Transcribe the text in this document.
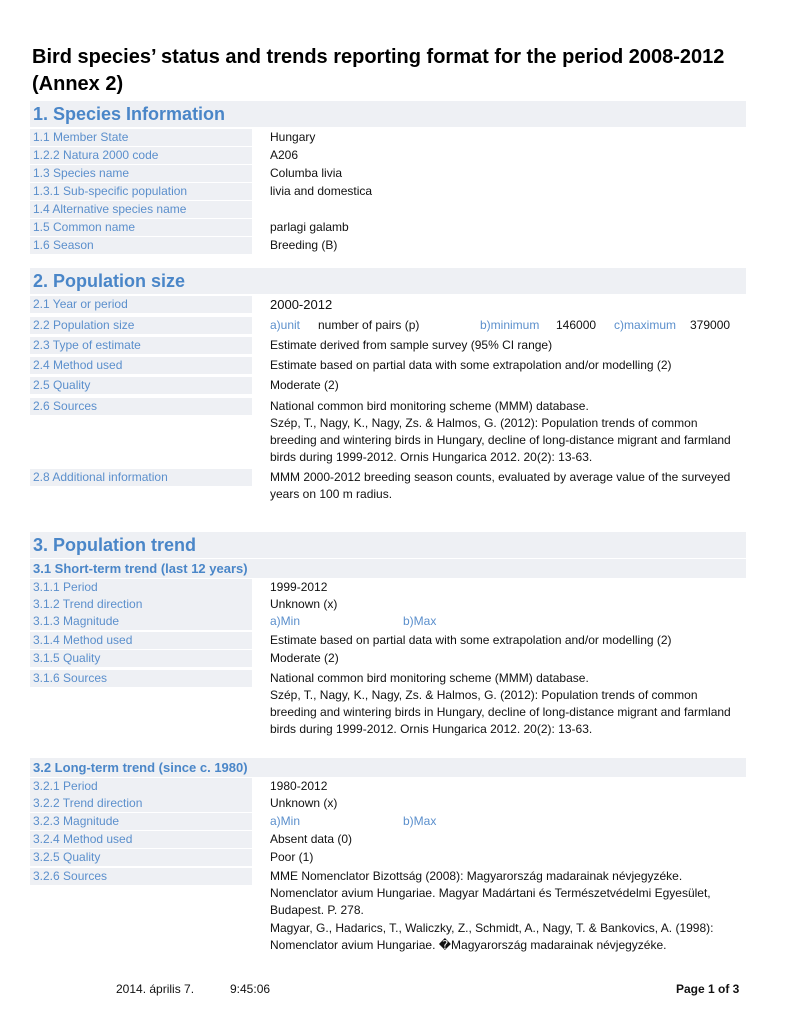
Bird species’ status and trends reporting format for the period 2008-2012 (Annex 2)
1. Species Information
1.1 Member State	Hungary
1.2.2 Natura 2000 code	A206
1.3 Species name	Columba livia
1.3.1 Sub-specific population	livia and domestica
1.4 Alternative species name
1.5 Common name	parlagi galamb
1.6 Season	Breeding (B)
2. Population size
2.1 Year or period	2000-2012
2.2 Population size	a)unit number of pairs (p)	b)minimum 146000 c)maximum 379000
2.3 Type of estimate	Estimate derived from sample survey (95% CI range)
2.4 Method used	Estimate based on partial data with some extrapolation and/or modelling (2)
2.5 Quality	Moderate (2)
2.6 Sources	National common bird monitoring scheme (MMM) database.
Szép, T., Nagy, K., Nagy, Zs. & Halmos, G. (2012): Population trends of common breeding and wintering birds in Hungary, decline of long-distance migrant and farmland birds during 1999-2012. Ornis Hungarica 2012. 20(2): 13-63.
2.8 Additional information	MMM 2000-2012 breeding season counts, evaluated by average value of the surveyed years on 100 m radius.
3. Population trend
3.1 Short-term trend (last 12 years)
3.1.1 Period	1999-2012
3.1.2 Trend direction	Unknown (x)
3.1.3 Magnitude	a)Min	b)Max
3.1.4 Method used	Estimate based on partial data with some extrapolation and/or modelling (2)
3.1.5 Quality	Moderate (2)
3.1.6 Sources	National common bird monitoring scheme (MMM) database.
Szép, T., Nagy, K., Nagy, Zs. & Halmos, G. (2012): Population trends of common breeding and wintering birds in Hungary, decline of long-distance migrant and farmland birds during 1999-2012. Ornis Hungarica 2012. 20(2): 13-63.
3.2 Long-term trend (since c. 1980)
3.2.1 Period	1980-2012
3.2.2 Trend direction	Unknown (x)
3.2.3 Magnitude	a)Min	b)Max
3.2.4 Method used	Absent data (0)
3.2.5 Quality	Poor (1)
3.2.6 Sources	MME Nomenclator Bizottság (2008): Magyarország madarainak névjegyzéke. Nomenclator avium Hungariae. Magyar Madártani és Természetvédelmi Egyesület, Budapest. P. 278.
Magyar, G., Hadarics, T., Waliczky, Z., Schmidt, A., Nagy, T. & Bankovics, A. (1998): Nomenclator avium Hungariae. �Magyarország madarainak névjegyzéke.
2014. április 7.	9:45:06	Page 1 of 3
